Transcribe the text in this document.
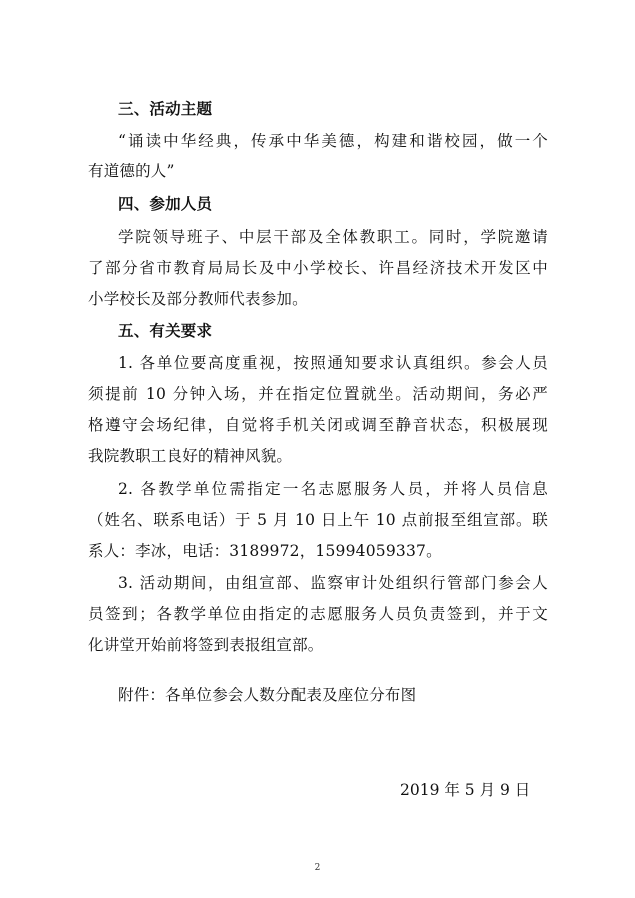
三、活动主题
“诵读中华经典，传承中华美德，构建和谐校园，做一个
有道德的人”
四、参加人员
学院领导班子、中层干部及全体教职工。同时，学院邀请
了部分省市教育局局长及中小学校长、许昌经济技术开发区中
小学校长及部分教师代表参加。
五、有关要求
1. 各单位要高度重视，按照通知要求认真组织。参会人员
须提前 10 分钟入场，并在指定位置就坐。活动期间，务必严
格遵守会场纪律，自觉将手机关闭或调至静音状态，积极展现
我院教职工良好的精神风貌。
2. 各教学单位需指定一名志愿服务人员，并将人员信息
（姓名、联系电话）于 5 月 10 日上午 10 点前报至组宣部。联
系人：李冰，电话：3189972，15994059337。
3. 活动期间，由组宣部、监察审计处组织行管部门参会人
员签到；各教学单位由指定的志愿服务人员负责签到，并于文
化讲堂开始前将签到表报组宣部。
附件：各单位参会人数分配表及座位分布图
2019 年 5 月 9 日
2
